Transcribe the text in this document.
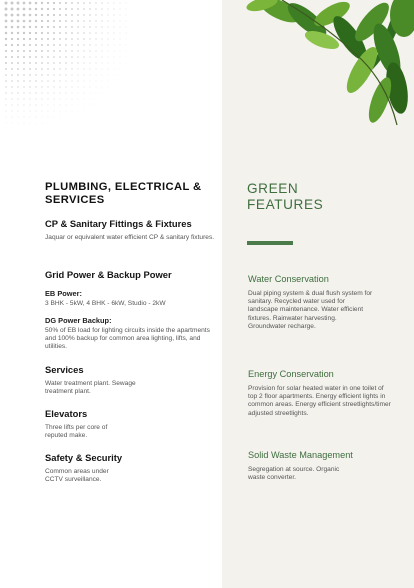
PLUMBING, ELECTRICAL & SERVICES
CP & Sanitary Fittings & Fixtures
Jaquar or equivalent water efficient CP & sanitary fixtures.
Grid Power & Backup Power
EB Power:
3 BHK - 5kW, 4 BHK - 6kW, Studio - 2kW
DG Power Backup:
50% of EB load for lighting circuits inside the apartments and 100% backup for common area lighting, lifts, and utilities.
Services
Water treatment plant. Sewage treatment plant.
Elevators
Three lifts per core of reputed make.
Safety & Security
Common areas under CCTV surveillance.
GREEN FEATURES
Water Conservation
Dual piping system & dual flush system for sanitary. Recycled water used for landscape maintenance. Water efficient fixtures. Rainwater harvesting. Groundwater recharge.
Energy Conservation
Provision for solar heated water in one toilet of top 2 floor apartments. Energy efficient lights in common areas. Energy efficient streetlights/timer adjusted streetlights.
Solid Waste Management
Segregation at source. Organic waste converter.
